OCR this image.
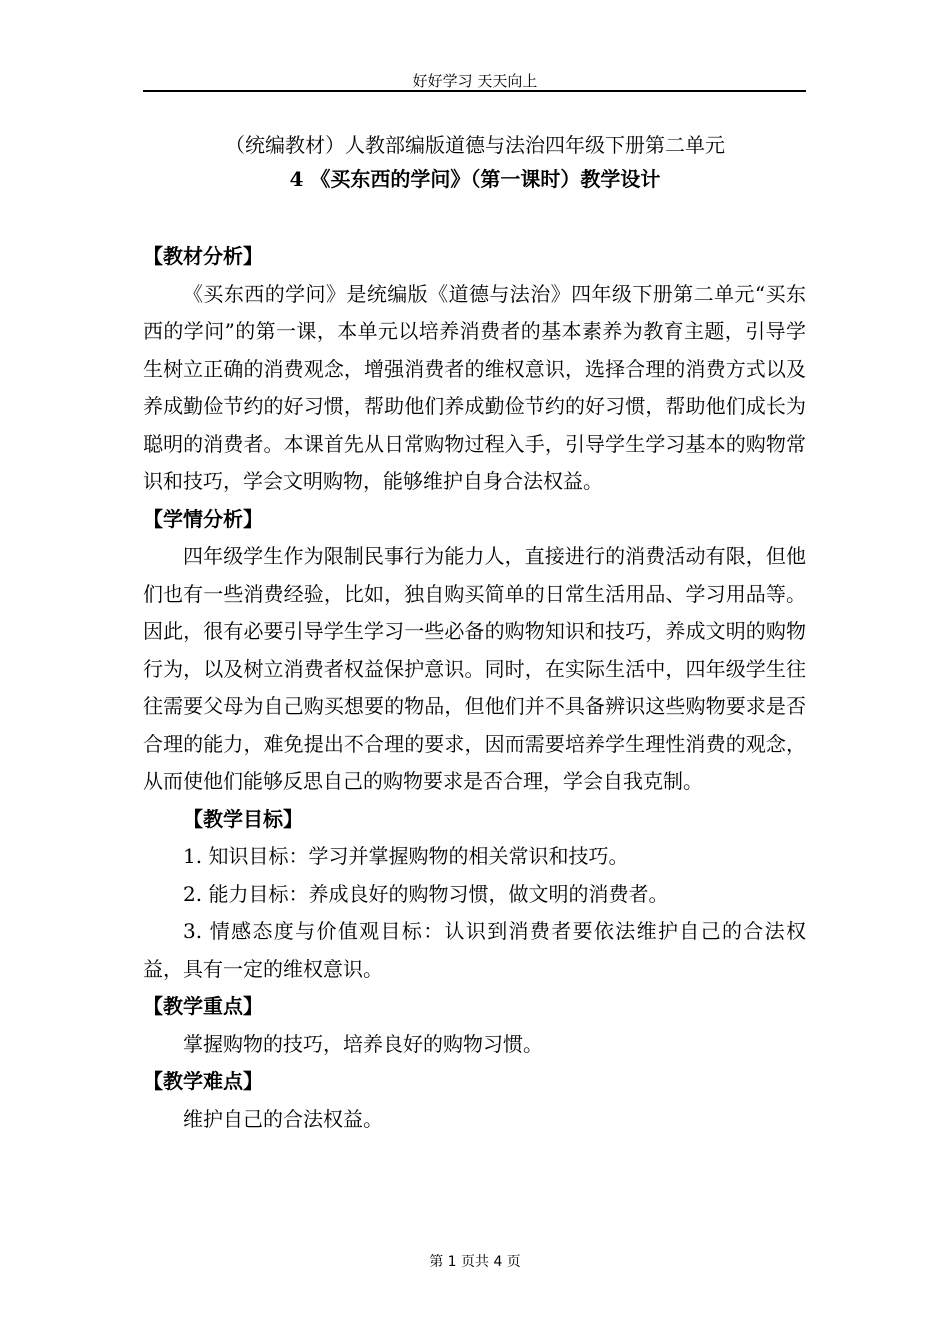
好好学习 天天向上
（统编教材）人教部编版道德与法治四年级下册第二单元
4 《买东西的学问》（第一课时）教学设计

【教材分析】

《买东西的学问》是统编版《道德与法治》四年级下册第二单元“买东西的学问”的第一课，本单元以培养消费者的基本素养为教育主题，引导学生树立正确的消费观念，增强消费者的维权意识，选择合理的消费方式以及养成勤俭节约的好习惯，帮助他们养成勤俭节约的好习惯，帮助他们成长为聪明的消费者。本课首先从日常购物过程入手，引导学生学习基本的购物常识和技巧，学会文明购物，能够维护自身合法权益。

【学情分析】

四年级学生作为限制民事行为能力人，直接进行的消费活动有限，但他们也有一些消费经验，比如，独自购买简单的日常生活用品、学习用品等。因此，很有必要引导学生学习一些必备的购物知识和技巧，养成文明的购物行为，以及树立消费者权益保护意识。同时，在实际生活中，四年级学生往往需要父母为自己购买想要的物品，但他们并不具备辨识这些购物要求是否合理的能力，难免提出不合理的要求，因而需要培养学生理性消费的观念，从而使他们能够反思自己的购物要求是否合理，学会自我克制。

【教学目标】

1. 知识目标：学习并掌握购物的相关常识和技巧。

2. 能力目标：养成良好的购物习惯，做文明的消费者。

3. 情感态度与价值观目标：认识到消费者要依法维护自己的合法权益，具有一定的维权意识。

【教学重点】

掌握购物的技巧，培养良好的购物习惯。

【教学难点】

维护自己的合法权益。

第 1 页共 4 页
